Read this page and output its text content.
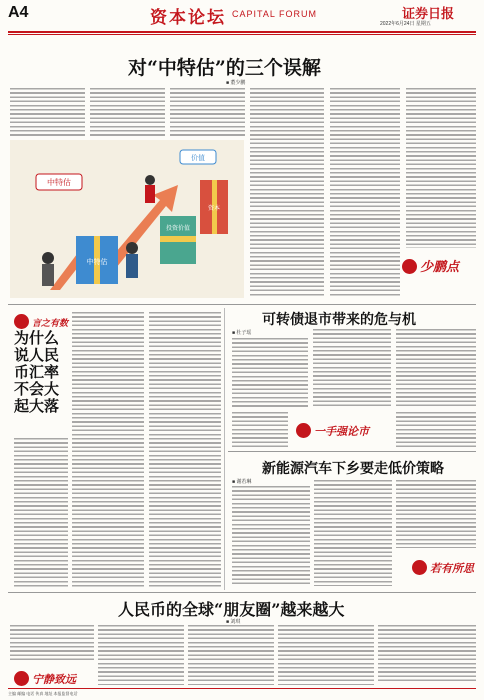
A4	资本论坛 CAPITAL FORUM	证券日报
2022年6月24日 星期五
对“中特估”的三个误解
■ 董少鹏
中特估
投资价值
资本
中特估
价值
少鹏点
言之有数
为什么说人民币汇率不会大起大落
可转债退市带来的危与机
■ 杜子瑶
一手强论市
新能源汽车下乡要走低价策略
■ 谢若琳
若有所思
人民币的全球“朋友圈”越来越大
■ 刘琪
宁静致远
主编 邮编 电话 传真 地址 本报监督电话
